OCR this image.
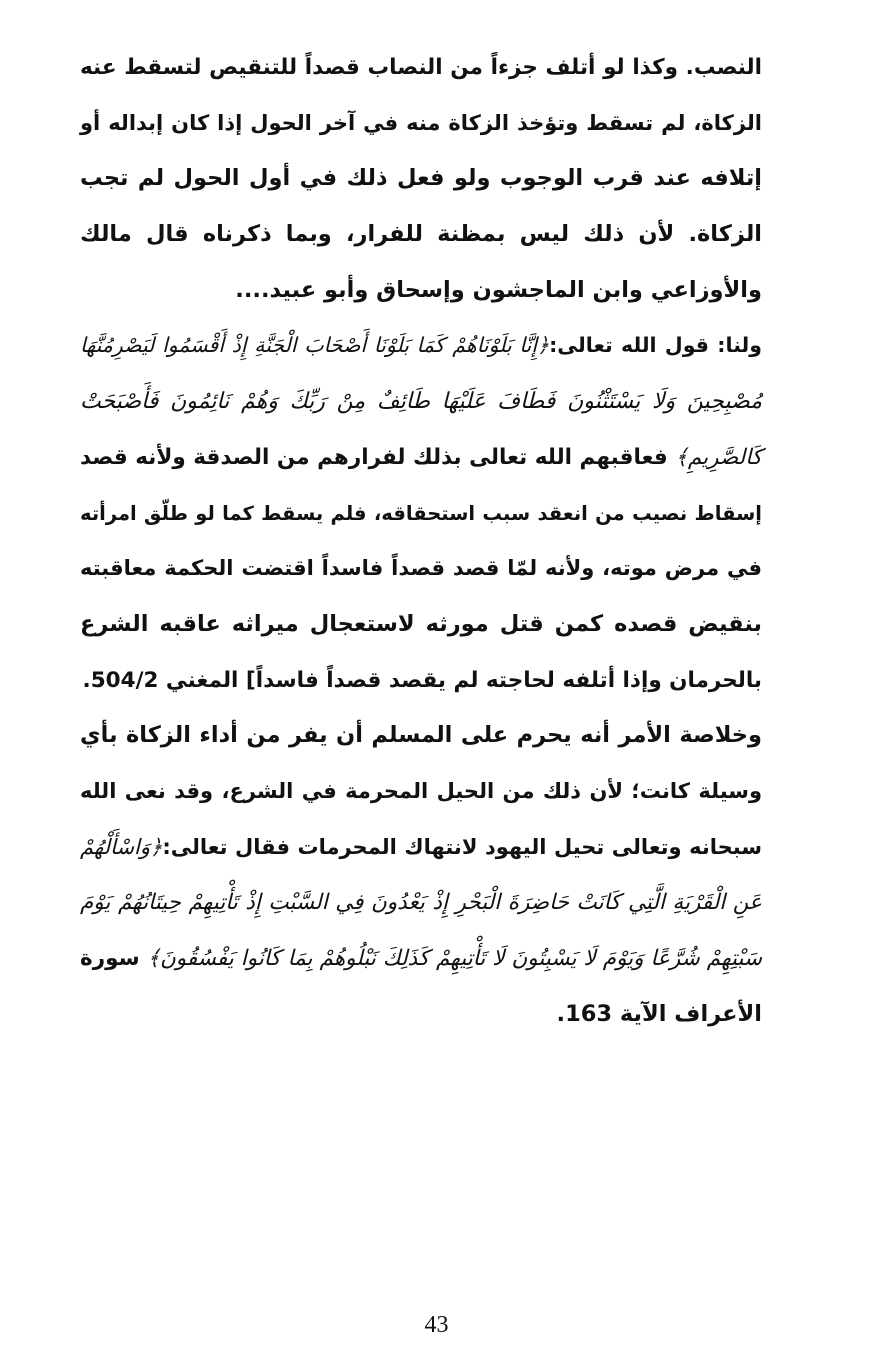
النصب. وكذا لو أتلف جزءاً من النصاب قصداً للتنقيص لتسقط عنه
الزكاة، لم تسقط وتؤخذ الزكاة منه في آخر الحول إذا كان إبداله أو
إتلافه عند قرب الوجوب ولو فعل ذلك في أول الحول لم تجب
الزكاة. لأن ذلك ليس بمظنة للفرار، وبما ذكرناه قال مالك
والأوزاعي وابن الماجشون وإسحاق وأبو عبيد....
ولنا: قول الله تعالى:﴿إِنَّا بَلَوْنَاهُمْ كَمَا بَلَوْنَا أَصْحَابَ الْجَنَّةِ إِذْ أَقْسَمُوا لَيَصْرِمُنَّهَا
مُصْبِحِينَ وَلَا يَسْتَثْنُونَ فَطَافَ عَلَيْهَا طَائِفٌ مِنْ رَبِّكَ وَهُمْ نَائِمُونَ فَأَصْبَحَتْ
كَالصَّرِيمِ﴾ فعاقبهم الله تعالى بذلك لفرارهم من الصدقة ولأنه قصد
إسقاط نصيب من انعقد سبب استحقاقه، فلم يسقط كما لو طلّق امرأته
في مرض موته، ولأنه لمّا قصد قصداً فاسداً اقتضت الحكمة معاقبته
بنقيض قصده كمن قتل مورثه لاستعجال ميراثه عاقبه الشرع
بالحرمان وإذا أتلفه لحاجته لم يقصد قصداً فاسداً] المغني 504/2.
وخلاصة الأمر أنه يحرم على المسلم أن يفر من أداء الزكاة بأي
وسيلة كانت؛ لأن ذلك من الحيل المحرمة في الشرع، وقد نعى الله
سبحانه وتعالى تحيل اليهود لانتهاك المحرمات فقال تعالى:﴿وَاسْأَلْهُمْ
عَنِ الْقَرْيَةِ الَّتِي كَانَتْ حَاضِرَةَ الْبَحْرِ إِذْ يَعْدُونَ فِي السَّبْتِ إِذْ تَأْتِيهِمْ حِيتَانُهُمْ يَوْمَ
سَبْتِهِمْ شُرَّعًا وَيَوْمَ لَا يَسْبِتُونَ لَا تَأْتِيهِمْ كَذَلِكَ نَبْلُوهُمْ بِمَا كَانُوا يَفْسُقُونَ﴾ سورة
الأعراف الآية 163.
43
